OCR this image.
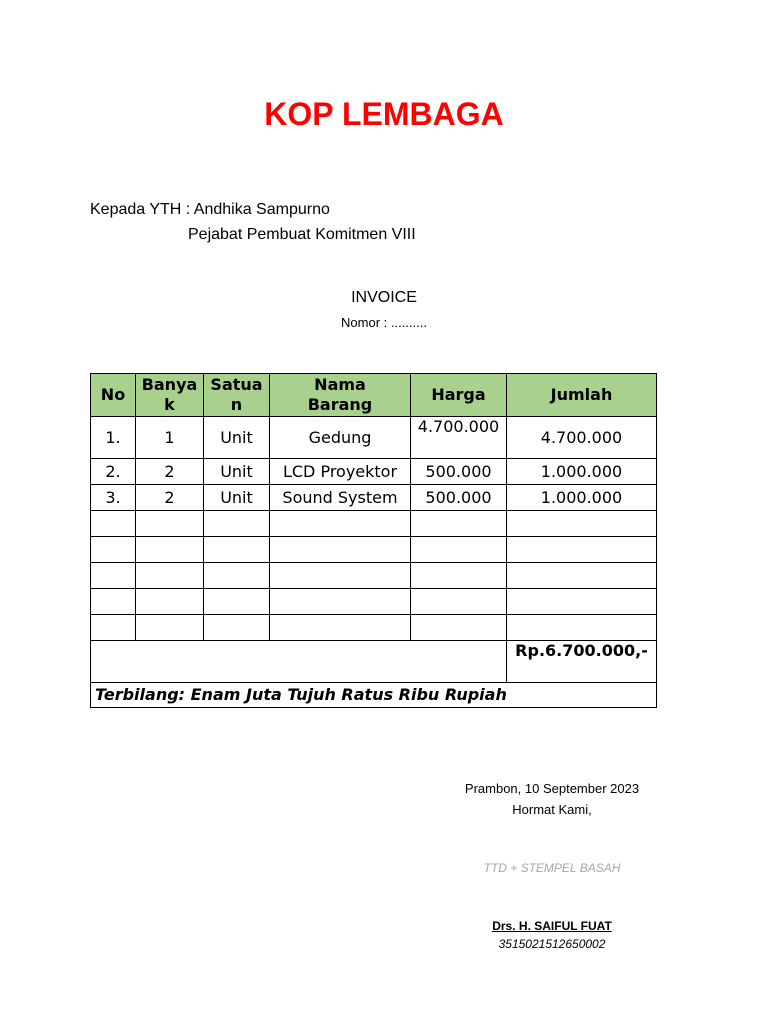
KOP LEMBAGA
Kepada YTH : Andhika Sampurno
Pejabat Pembuat Komitmen VIII
INVOICE
Nomor : ..........
No	Banyak	Satuan	Nama Barang	Harga	Jumlah
1.	1	Unit	Gedung	4.700.000	4.700.000
2.	2	Unit	LCD Proyektor	500.000	1.000.000
3.	2	Unit	Sound System	500.000	1.000.000

					Rp.6.700.000,-
Terbilang: Enam Juta Tujuh Ratus Ribu Rupiah					
Prambon, 10 September 2023
Hormat Kami,
TTD + STEMPEL BASAH
Drs. H. SAIFUL FUAT
3515021512650002
